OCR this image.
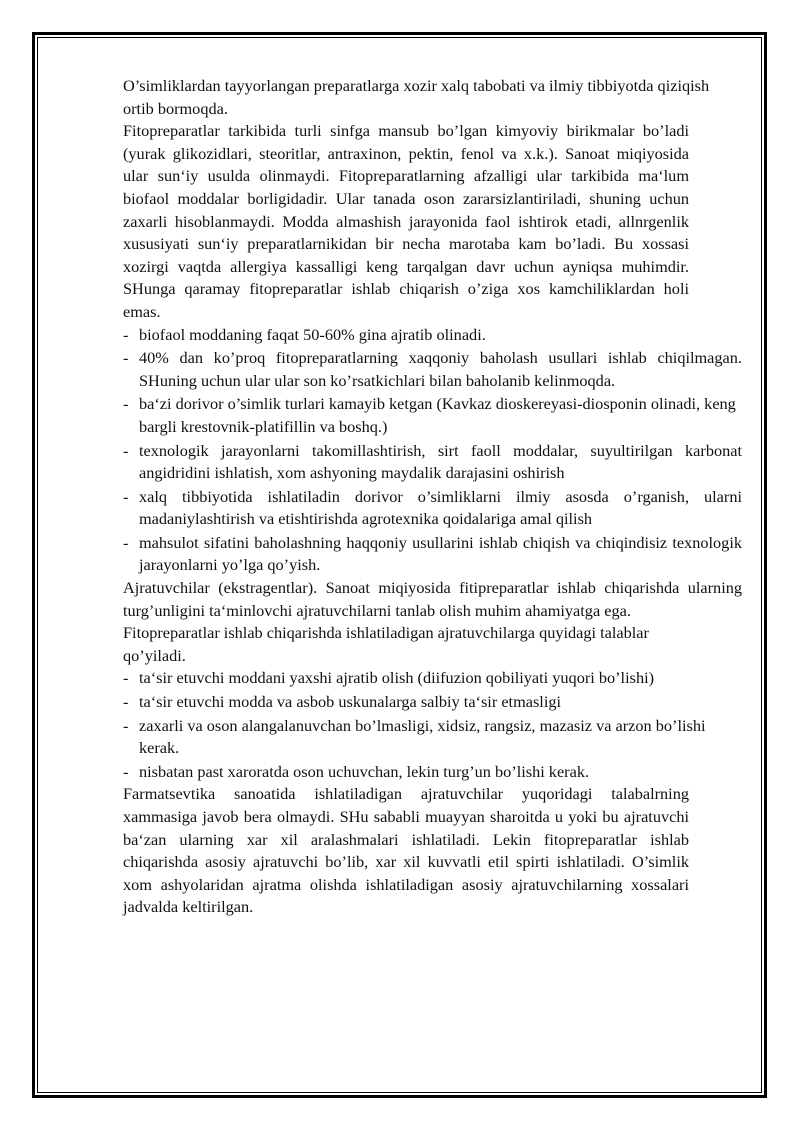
O’simliklardan tayyorlangan preparatlarga xozir xalq tabobati va ilmiy tibbiyotda qiziqish ortib bormoqda.

Fitopreparatlar tarkibida turli sinfga mansub bo’lgan kimyoviy birikmalar bo’ladi (yurak glikozidlari, steoritlar, antraxinon, pektin, fenol va x.k.). Sanoat miqiyosida ular sun‘iy usulda olinmaydi. Fitopreparatlarning afzalligi ular tarkibida ma‘lum biofaol moddalar borligidadir. Ular tanada oson zararsizlantiriladi, shuning uchun zaxarli hisoblanmaydi. Modda almashish jarayonida faol ishtirok etadi, allnrgenlik xususiyati sun‘iy preparatlarnikidan bir necha marotaba kam bo’ladi. Bu xossasi xozirgi vaqtda allergiya kassalligi keng tarqalgan davr uchun ayniqsa muhimdir. SHunga qaramay fitopreparatlar ishlab chiqarish o’ziga xos kamchiliklardan holi emas.

- biofaol moddaning faqat 50-60% gina ajratib olinadi.

- 40% dan ko’proq fitopreparatlarning xaqqoniy baholash usullari ishlab chiqilmagan. SHuning uchun ular ular son ko’rsatkichlari bilan baholanib kelinmoqda.

- ba‘zi dorivor o’simlik turlari kamayib ketgan (Kavkaz dioskereyasi-diosponin olinadi, keng bargli krestovnik-platifillin va boshq.)

- texnologik jarayonlarni takomillashtirish, sirt faoll moddalar, suyultirilgan karbonat angidridini ishlatish, xom ashyoning maydalik darajasini oshirish

- xalq tibbiyotida ishlatiladin dorivor o’simliklarni ilmiy asosda o’rganish, ularni madaniylashtirish va etishtirishda agrotexnika qoidalariga amal qilish

- mahsulot sifatini baholashning haqqoniy usullarini ishlab chiqish va chiqindisiz texnologik jarayonlarni yo’lga qo’yish.

Ajratuvchilar (ekstragentlar). Sanoat miqiyosida fitipreparatlar ishlab chiqarishda ularning turg’unligini ta‘minlovchi ajratuvchilarni tanlab olish muhim ahamiyatga ega.

Fitopreparatlar ishlab chiqarishda ishlatiladigan ajratuvchilarga quyidagi talablar qo’yiladi.

- ta‘sir etuvchi moddani yaxshi ajratib olish (diifuzion qobiliyati yuqori bo’lishi)

- ta‘sir etuvchi modda va asbob uskunalarga salbiy ta‘sir etmasligi

- zaxarli va oson alangalanuvchan bo’lmasligi, xidsiz, rangsiz, mazasiz va arzon bo’lishi kerak.

- nisbatan past xaroratda oson uchuvchan, lekin turg’un bo’lishi kerak.

Farmatsevtika sanoatida ishlatiladigan ajratuvchilar yuqoridagi talabalrning xammasiga javob bera olmaydi. SHu sababli muayyan sharoitda u yoki bu ajratuvchi ba‘zan ularning xar xil aralashmalari ishlatiladi. Lekin fitopreparatlar ishlab chiqarishda asosiy ajratuvchi bo’lib, xar xil kuvvatli etil spirti ishlatiladi. O’simlik xom ashyolaridan ajratma olishda ishlatiladigan asosiy ajratuvchilarning xossalari jadvalda keltirilgan.
